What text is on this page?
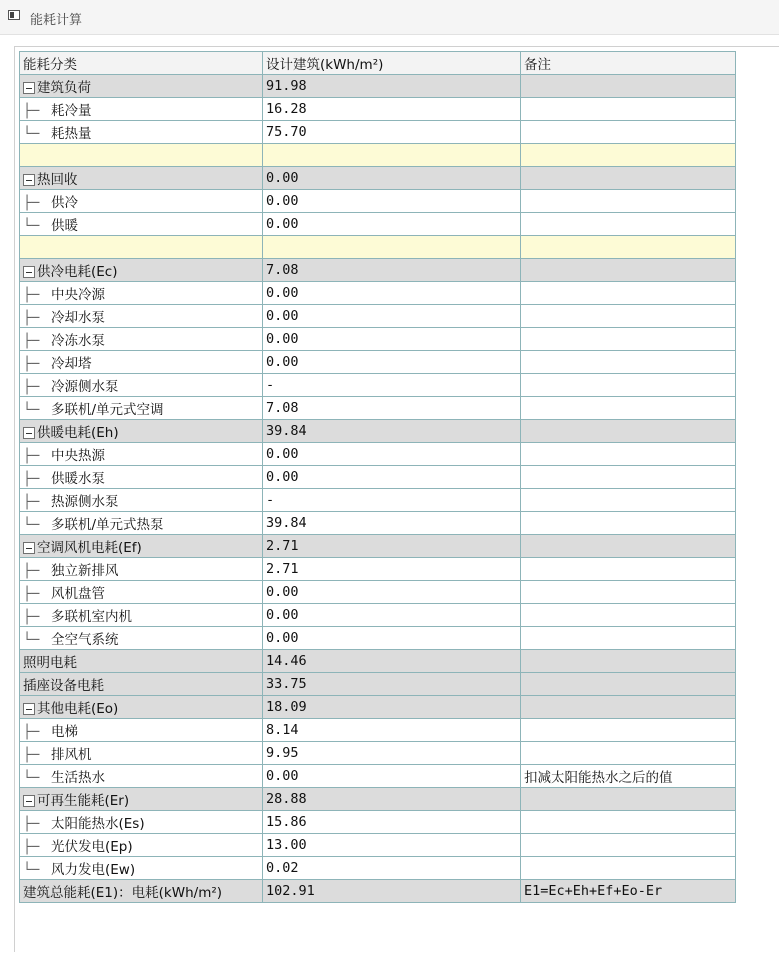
能耗计算
能耗分类	设计建筑(kWh/m²)	备注
建筑负荷	91.98	
├─ 耗冷量	16.28	
└─ 耗热量	75.70	

热回收	0.00	
├─ 供冷	0.00	
└─ 供暖	0.00	

供冷电耗(Ec)	7.08	
├─ 中央冷源	0.00	
├─ 冷却水泵	0.00	
├─ 冷冻水泵	0.00	
├─ 冷却塔	0.00	
├─ 冷源侧水泵	-	
└─ 多联机/单元式空调	7.08	
供暖电耗(Eh)	39.84	
├─ 中央热源	0.00	
├─ 供暖水泵	0.00	
├─ 热源侧水泵	-	
└─ 多联机/单元式热泵	39.84	
空调风机电耗(Ef)	2.71	
├─ 独立新排风	2.71	
├─ 风机盘管	0.00	
├─ 多联机室内机	0.00	
└─ 全空气系统	0.00	
照明电耗	14.46	
插座设备电耗	33.75	
其他电耗(Eo)	18.09	
├─ 电梯	8.14	
├─ 排风机	9.95	
└─ 生活热水	0.00	扣减太阳能热水之后的值
可再生能耗(Er)	28.88	
├─ 太阳能热水(Es)	15.86	
├─ 光伏发电(Ep)	13.00	
└─ 风力发电(Ew)	0.02	
建筑总能耗(E1)：电耗(kWh/m²)	102.91	E1=Ec+Eh+Ef+Eo-Er
